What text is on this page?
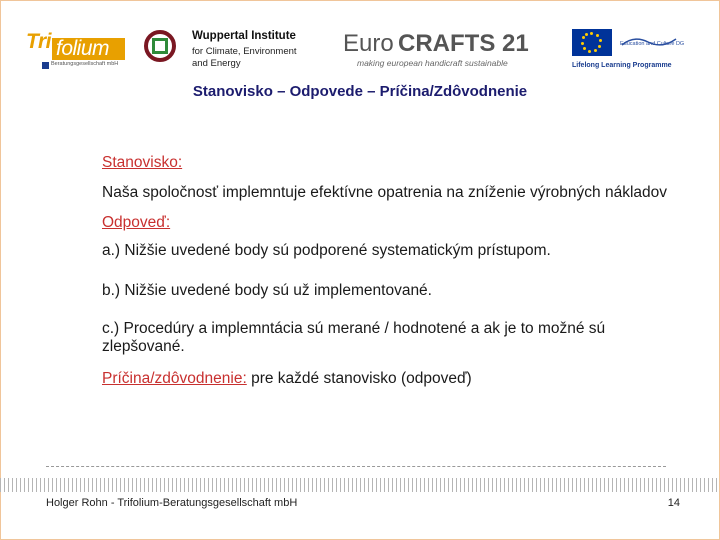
Tri folium
Beratungsgesellschaft mbH
Wuppertal Institute
for Climate, Environment
and Energy
Euro CRAFTS 21
making european handicraft sustainable
Education and Culture DG
Lifelong Learning Programme
Stanovisko – Odpovede – Príčina/Zdôvodnenie

Stanovisko:

Naša spoločnosť implemntuje efektívne opatrenia na zníženie výrobných nákladov

Odpoveď:

a.) Nižšie uvedené body sú podporené systematickým prístupom.

b.) Nižšie uvedené body sú už implementované.

c.) Procedúry a implemntácia sú merané / hodnotené a ak je to možné sú zlepšované.

Príčina/zdôvodnenie: pre každé stanovisko (odpoveď)

Holger Rohn - Trifolium-Beratungsgesellschaft mbH	14
